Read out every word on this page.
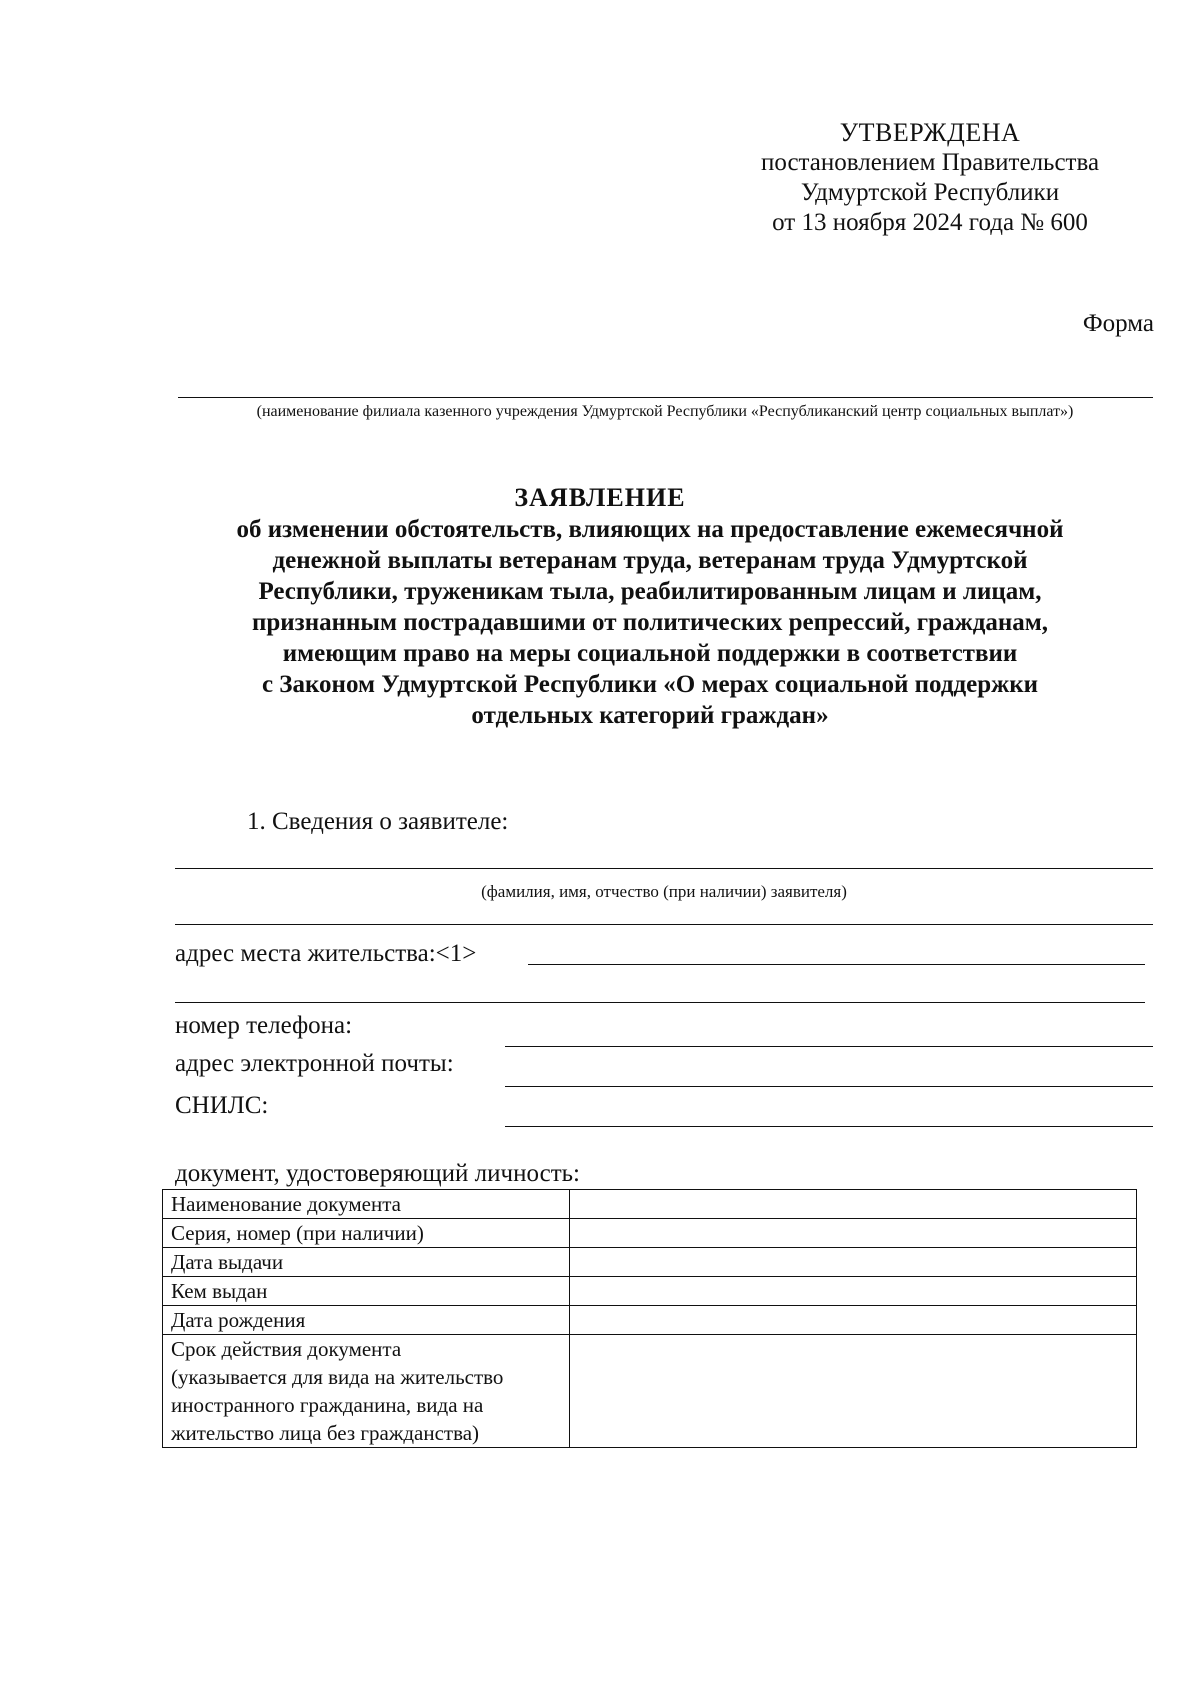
УТВЕРЖДЕНА
постановлением Правительства
Удмуртской Республики
от 13 ноября 2024 года № 600
Форма
(наименование филиала казенного учреждения Удмуртской Республики «Республиканский центр социальных выплат»)
ЗАЯВЛЕНИЕ
об изменении обстоятельств, влияющих на предоставление ежемесячной
денежной выплаты ветеранам труда, ветеранам труда Удмуртской
Республики, труженикам тыла, реабилитированным лицам и лицам,
признанным пострадавшими от политических репрессий, гражданам,
имеющим право на меры социальной поддержки в соответствии
с Законом Удмуртской Республики «О мерах социальной поддержки
отдельных категорий граждан»
1. Сведения о заявителе:
(фамилия, имя, отчество (при наличии) заявителя)
адрес места жительства:<1>
номер телефона:
адрес электронной почты:
СНИЛС:
документ, удостоверяющий личность:
Наименование документа	
Серия, номер (при наличии)	
Дата выдачи	
Кем выдан	
Дата рождения	

Срок действия документа
(указывается для вида на жительство
иностранного гражданина, вида на
жительство лица без гражданства)	
